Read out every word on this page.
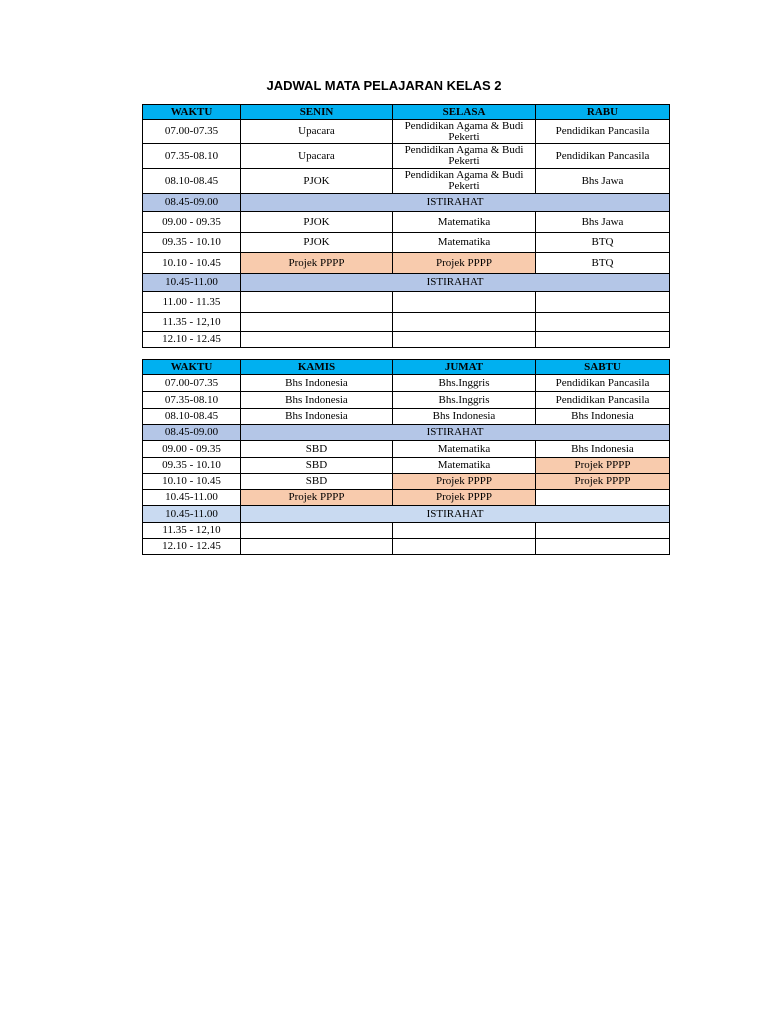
JADWAL MATA PELAJARAN KELAS 2
WAKTU	SENIN	SELASA	RABU
07.00-07.35	Upacara	Pendidikan Agama & Budi Pekerti	Pendidikan Pancasila
07.35-08.10	Upacara	Pendidikan Agama & Budi Pekerti	Pendidikan Pancasila
08.10-08.45	PJOK	Pendidikan Agama & Budi Pekerti	Bhs Jawa
08.45-09.00	ISTIRAHAT		
09.00 - 09.35	PJOK	Matematika	Bhs Jawa
09.35 - 10.10	PJOK	Matematika	BTQ
10.10 - 10.45	Projek PPPP	Projek PPPP	BTQ
10.45-11.00	ISTIRAHAT		
11.00 - 11.35			
11.35 - 12,10			
12.10 - 12.45			
WAKTU	KAMIS	JUMAT	SABTU
07.00-07.35	Bhs Indonesia	Bhs.Inggris	Pendidikan Pancasila
07.35-08.10	Bhs Indonesia	Bhs.Inggris	Pendidikan Pancasila
08.10-08.45	Bhs Indonesia	Bhs Indonesia	Bhs Indonesia
08.45-09.00	ISTIRAHAT		
09.00 - 09.35	SBD	Matematika	Bhs Indonesia
09.35 - 10.10	SBD	Matematika	Projek PPPP
10.10 - 10.45	SBD	Projek PPPP	Projek PPPP
10.45-11.00	Projek PPPP	Projek PPPP	
10.45-11.00	ISTIRAHAT		
11.35 - 12,10			
12.10 - 12.45			
